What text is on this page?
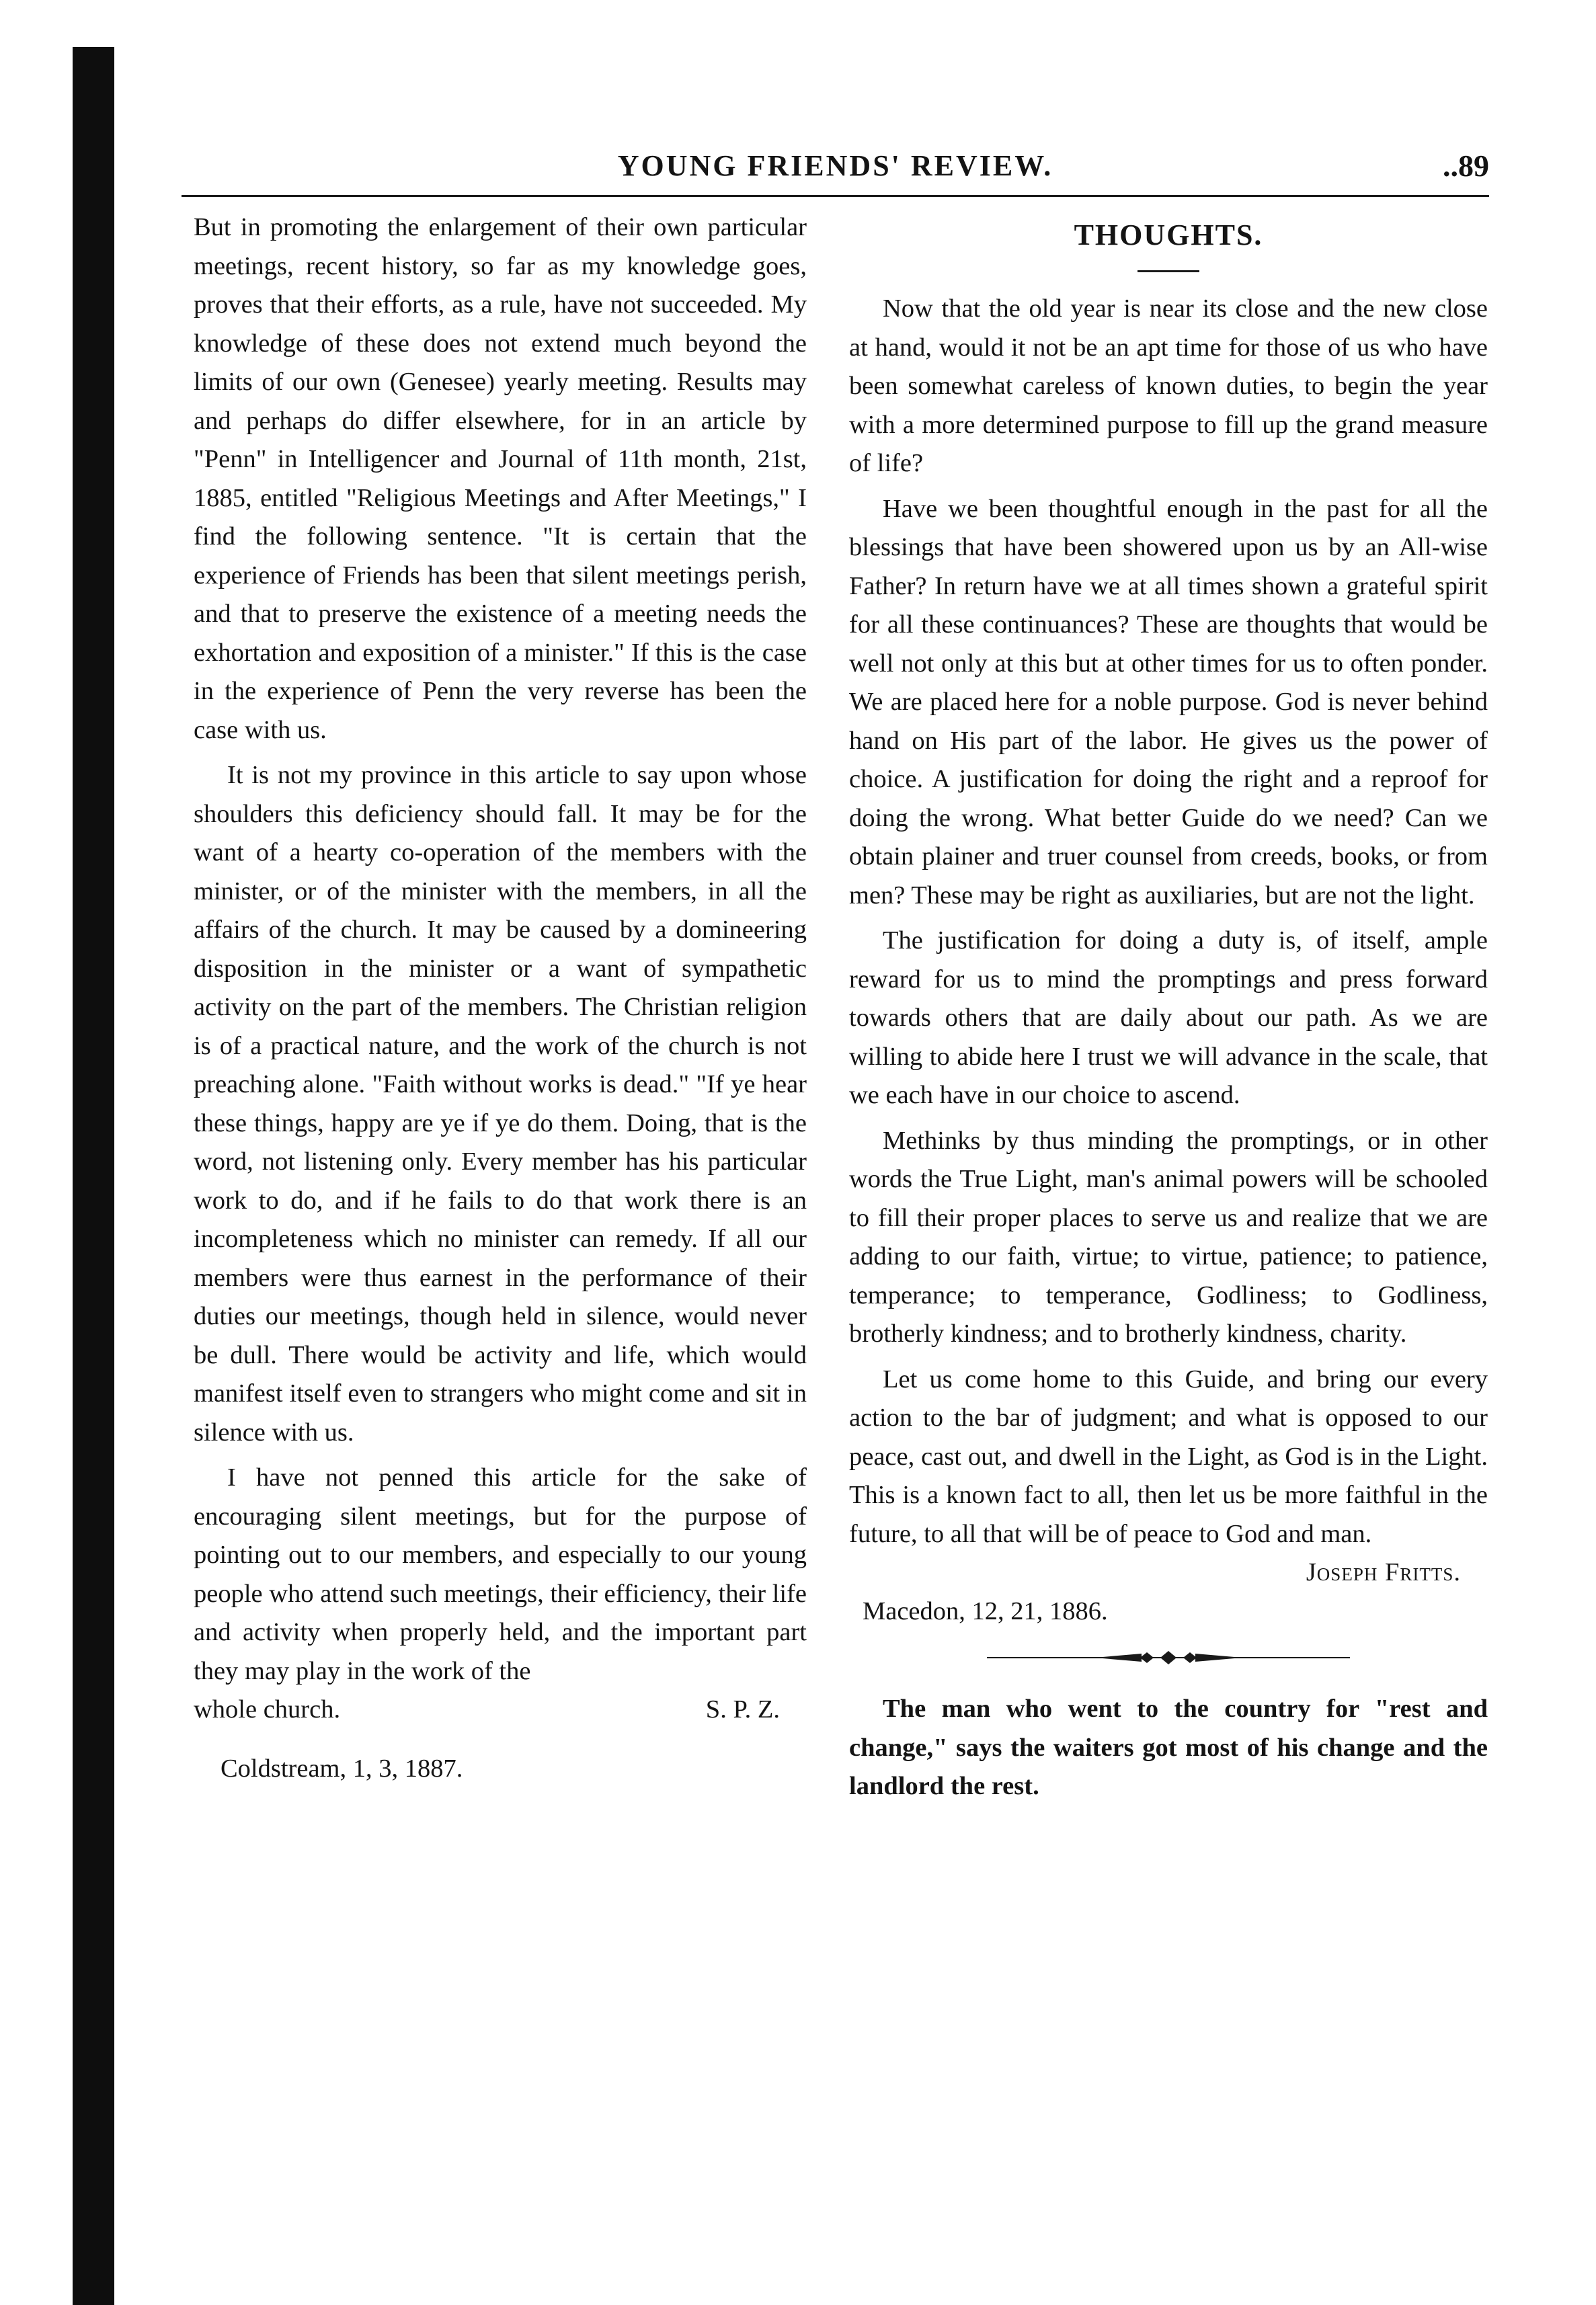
YOUNG FRIENDS' REVIEW.	..89

But in promoting the enlargement of their own particular meetings, recent history, so far as my knowledge goes, proves that their efforts, as a rule, have not succeeded. My knowledge of these does not extend much beyond the limits of our own (Genesee) yearly meeting. Results may and perhaps do differ elsewhere, for in an article by "Penn" in Intelligencer and Journal of 11th month, 21st, 1885, entitled "Religious Meetings and After Meetings," I find the following sentence. "It is certain that the experience of Friends has been that silent meetings perish, and that to preserve the existence of a meeting needs the exhortation and exposition of a minister." If this is the case in the experience of Penn the very reverse has been the case with us.

It is not my province in this article to say upon whose shoulders this deficiency should fall. It may be for the want of a hearty co-operation of the members with the minister, or of the minister with the members, in all the affairs of the church. It may be caused by a domineering disposition in the minister or a want of sympathetic activity on the part of the members. The Christian religion is of a practical nature, and the work of the church is not preaching alone. "Faith without works is dead." "If ye hear these things, happy are ye if ye do them. Doing, that is the word, not listening only. Every member has his particular work to do, and if he fails to do that work there is an incompleteness which no minister can remedy. If all our members were thus earnest in the performance of their duties our meetings, though held in silence, would never be dull. There would be activity and life, which would manifest itself even to strangers who might come and sit in silence with us.

I have not penned this article for the sake of encouraging silent meetings, but for the purpose of pointing out to our members, and especially to our young people who attend such meetings, their efficiency, their life and activity when properly held, and the important part they may play in the work of the

whole church.	S. P. Z.
Coldstream, 1, 3, 1887.
THOUGHTS.

Now that the old year is near its close and the new close at hand, would it not be an apt time for those of us who have been somewhat careless of known duties, to begin the year with a more determined purpose to fill up the grand measure of life?

Have we been thoughtful enough in the past for all the blessings that have been showered upon us by an All-wise Father? In return have we at all times shown a grateful spirit for all these continuances? These are thoughts that would be well not only at this but at other times for us to often ponder. We are placed here for a noble purpose. God is never behind hand on His part of the labor. He gives us the power of choice. A justification for doing the right and a reproof for doing the wrong. What better Guide do we need? Can we obtain plainer and truer counsel from creeds, books, or from men? These may be right as auxiliaries, but are not the light.

The justification for doing a duty is, of itself, ample reward for us to mind the promptings and press forward towards others that are daily about our path. As we are willing to abide here I trust we will advance in the scale, that we each have in our choice to ascend.

Methinks by thus minding the promptings, or in other words the True Light, man's animal powers will be schooled to fill their proper places to serve us and realize that we are adding to our faith, virtue; to virtue, patience; to patience, temperance; to temperance, Godliness; to Godliness, brotherly kindness; and to brotherly kindness, charity.

Let us come home to this Guide, and bring our every action to the bar of judgment; and what is opposed to our peace, cast out, and dwell in the Light, as God is in the Light. This is a known fact to all, then let us be more faithful in the future, to all that will be of peace to God and man.

Joseph Fritts.
Macedon, 12, 21, 1886.

The man who went to the country for "rest and change," says the waiters got most of his change and the landlord the rest.
